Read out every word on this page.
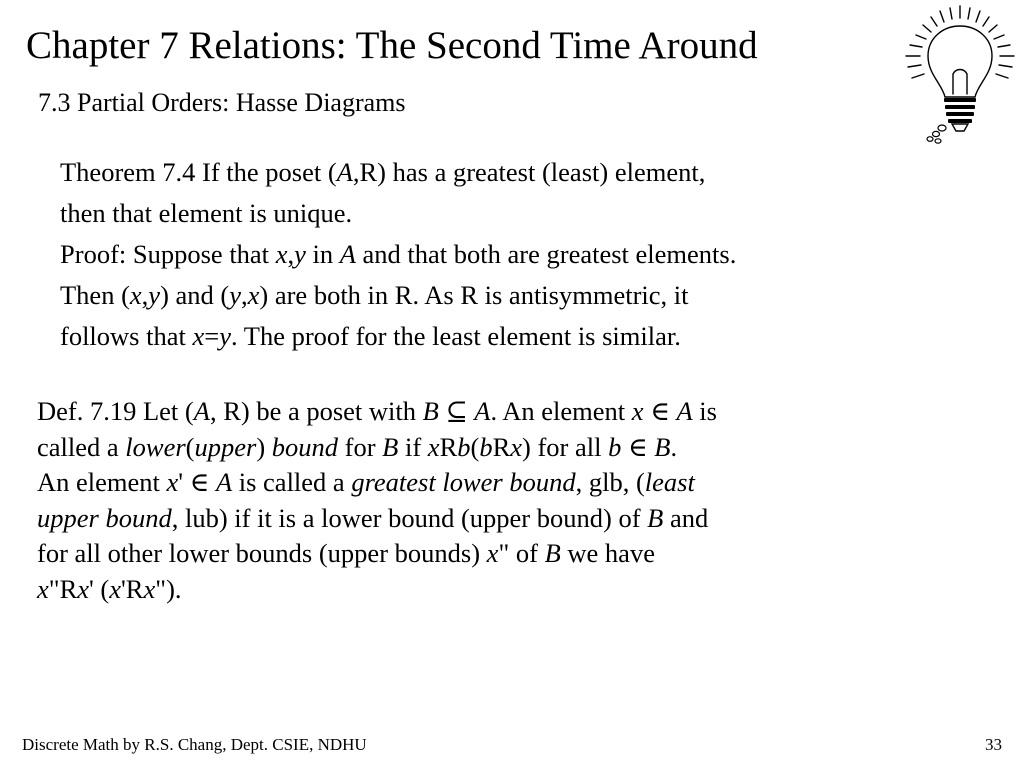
Chapter 7 Relations: The Second Time Around
7.3 Partial Orders: Hasse Diagrams
Theorem 7.4 If the poset (A,R) has a greatest (least) element,
then that element is unique.
Proof: Suppose that x,y in A and that both are greatest elements.
Then (x,y) and (y,x) are both in R. As R is antisymmetric, it
follows that x=y. The proof for the least element is similar.
Def. 7.19 Let (A, R) be a poset with B ⊆ A. An element x ∈ A is
called a lower(upper) bound for B if xRb(bRx) for all b ∈ B.
An element x' ∈ A is called a greatest lower bound, glb, (least
upper bound, lub) if it is a lower bound (upper bound) of B and
for all other lower bounds (upper bounds) x" of B we have
x"Rx' (x'Rx").
Discrete Math by R.S. Chang, Dept. CSIE, NDHU	33
